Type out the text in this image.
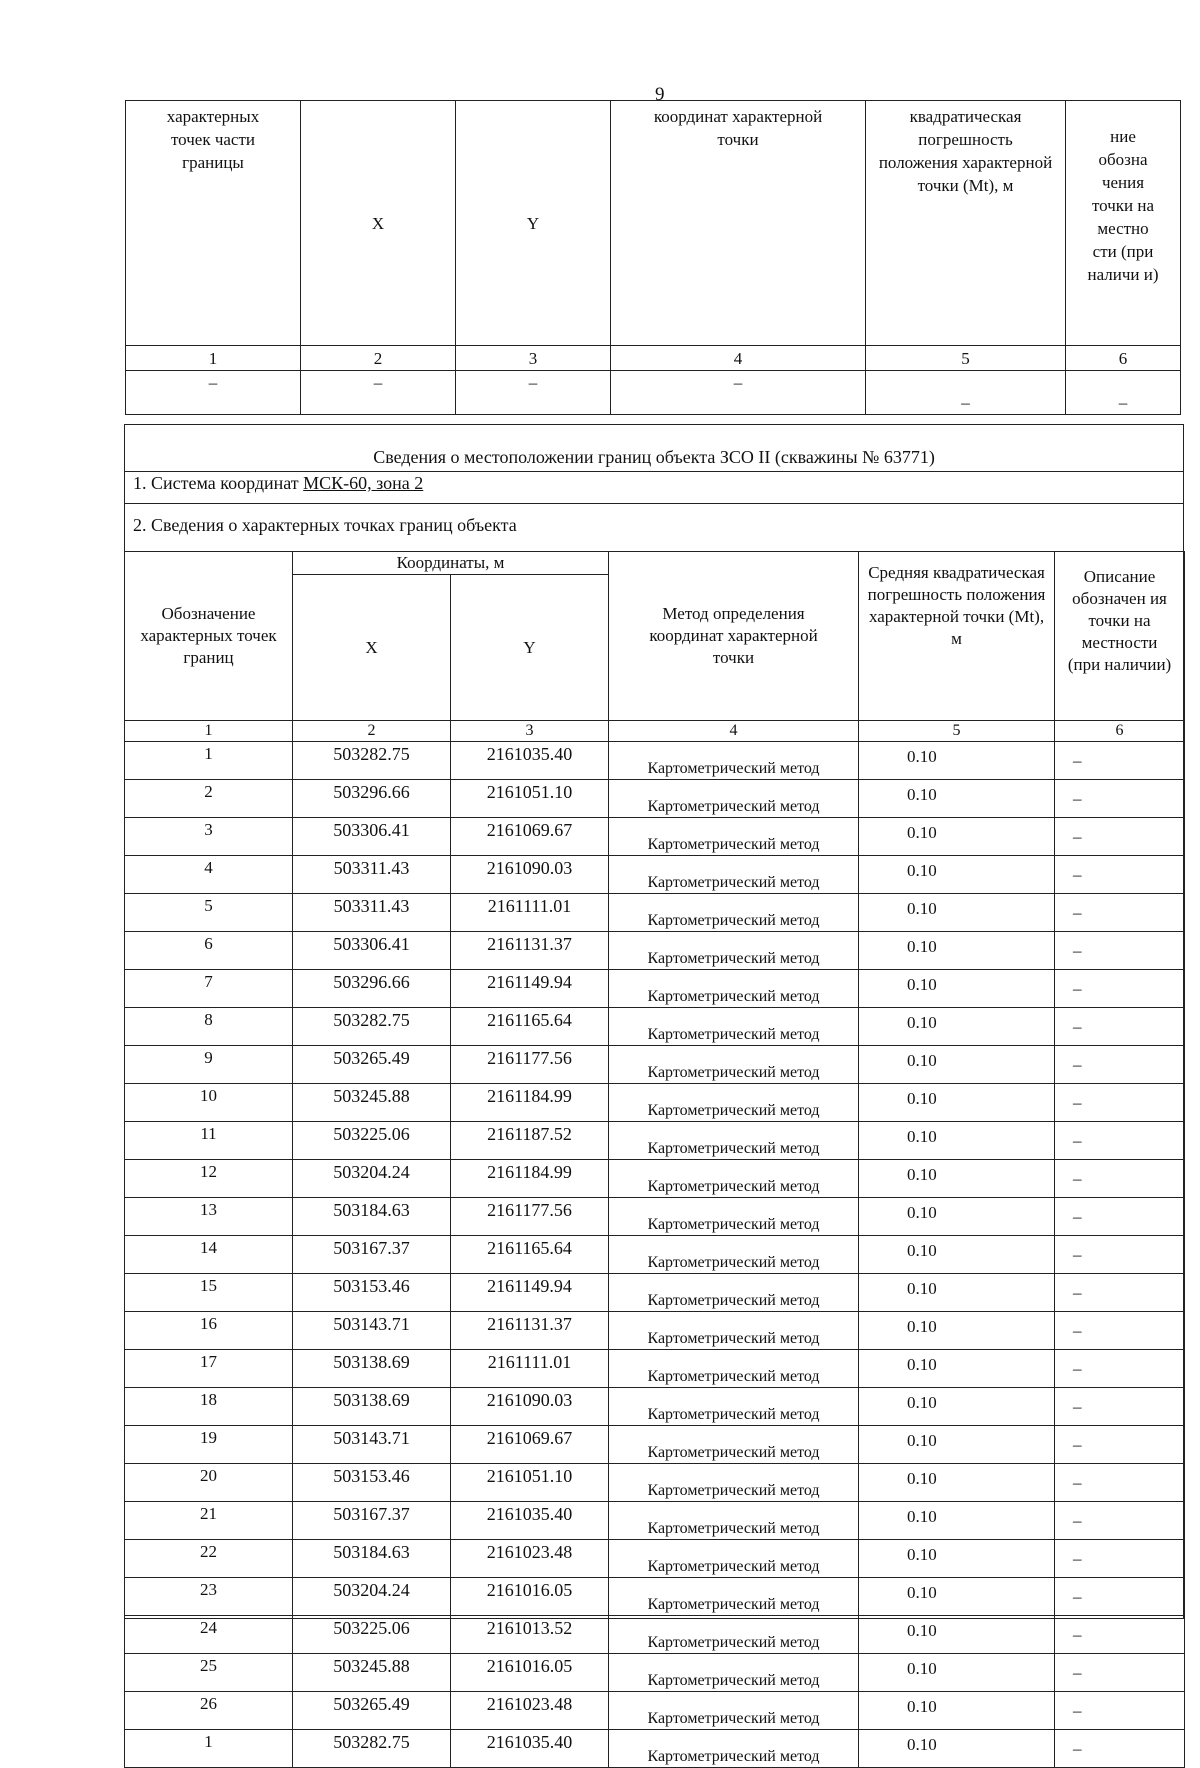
9
характерных точек части границы	X	Y	координат характерной точки	квадратическая погрешность положения характерной точки (Mt), м	ние обозна чения точки на местно сти (при наличи и)
1	2	3	4	5	6
–	–	–	–	–	–
Сведения о местоположении границ объекта ЗСО II (скважины № 63771)
1. Система координат МСК-60, зона 2
2. Сведения о характерных точках границ объекта
Обозначение характерных точек границ	Координаты, м		Метод определения координат характерной точки	Средняя квадратическая погрешность положения характерной точки (Mt), м	Описание обозначен ия точки на местности (при наличии)
	X	Y			
1	2	3	4	5	6
1	503282.75	2161035.40	Картометрический метод	0.10	–
2	503296.66	2161051.10	Картометрический метод	0.10	–
3	503306.41	2161069.67	Картометрический метод	0.10	–
4	503311.43	2161090.03	Картометрический метод	0.10	–
5	503311.43	2161111.01	Картометрический метод	0.10	–
6	503306.41	2161131.37	Картометрический метод	0.10	–
7	503296.66	2161149.94	Картометрический метод	0.10	–
8	503282.75	2161165.64	Картометрический метод	0.10	–
9	503265.49	2161177.56	Картометрический метод	0.10	–
10	503245.88	2161184.99	Картометрический метод	0.10	–
11	503225.06	2161187.52	Картометрический метод	0.10	–
12	503204.24	2161184.99	Картометрический метод	0.10	–
13	503184.63	2161177.56	Картометрический метод	0.10	–
14	503167.37	2161165.64	Картометрический метод	0.10	–
15	503153.46	2161149.94	Картометрический метод	0.10	–
16	503143.71	2161131.37	Картометрический метод	0.10	–
17	503138.69	2161111.01	Картометрический метод	0.10	–
18	503138.69	2161090.03	Картометрический метод	0.10	–
19	503143.71	2161069.67	Картометрический метод	0.10	–
20	503153.46	2161051.10	Картометрический метод	0.10	–
21	503167.37	2161035.40	Картометрический метод	0.10	–
22	503184.63	2161023.48	Картометрический метод	0.10	–
23	503204.24	2161016.05	Картометрический метод	0.10	–
24	503225.06	2161013.52	Картометрический метод	0.10	–
25	503245.88	2161016.05	Картометрический метод	0.10	–
26	503265.49	2161023.48	Картометрический метод	0.10	–
1	503282.75	2161035.40	Картометрический метод	0.10	–
